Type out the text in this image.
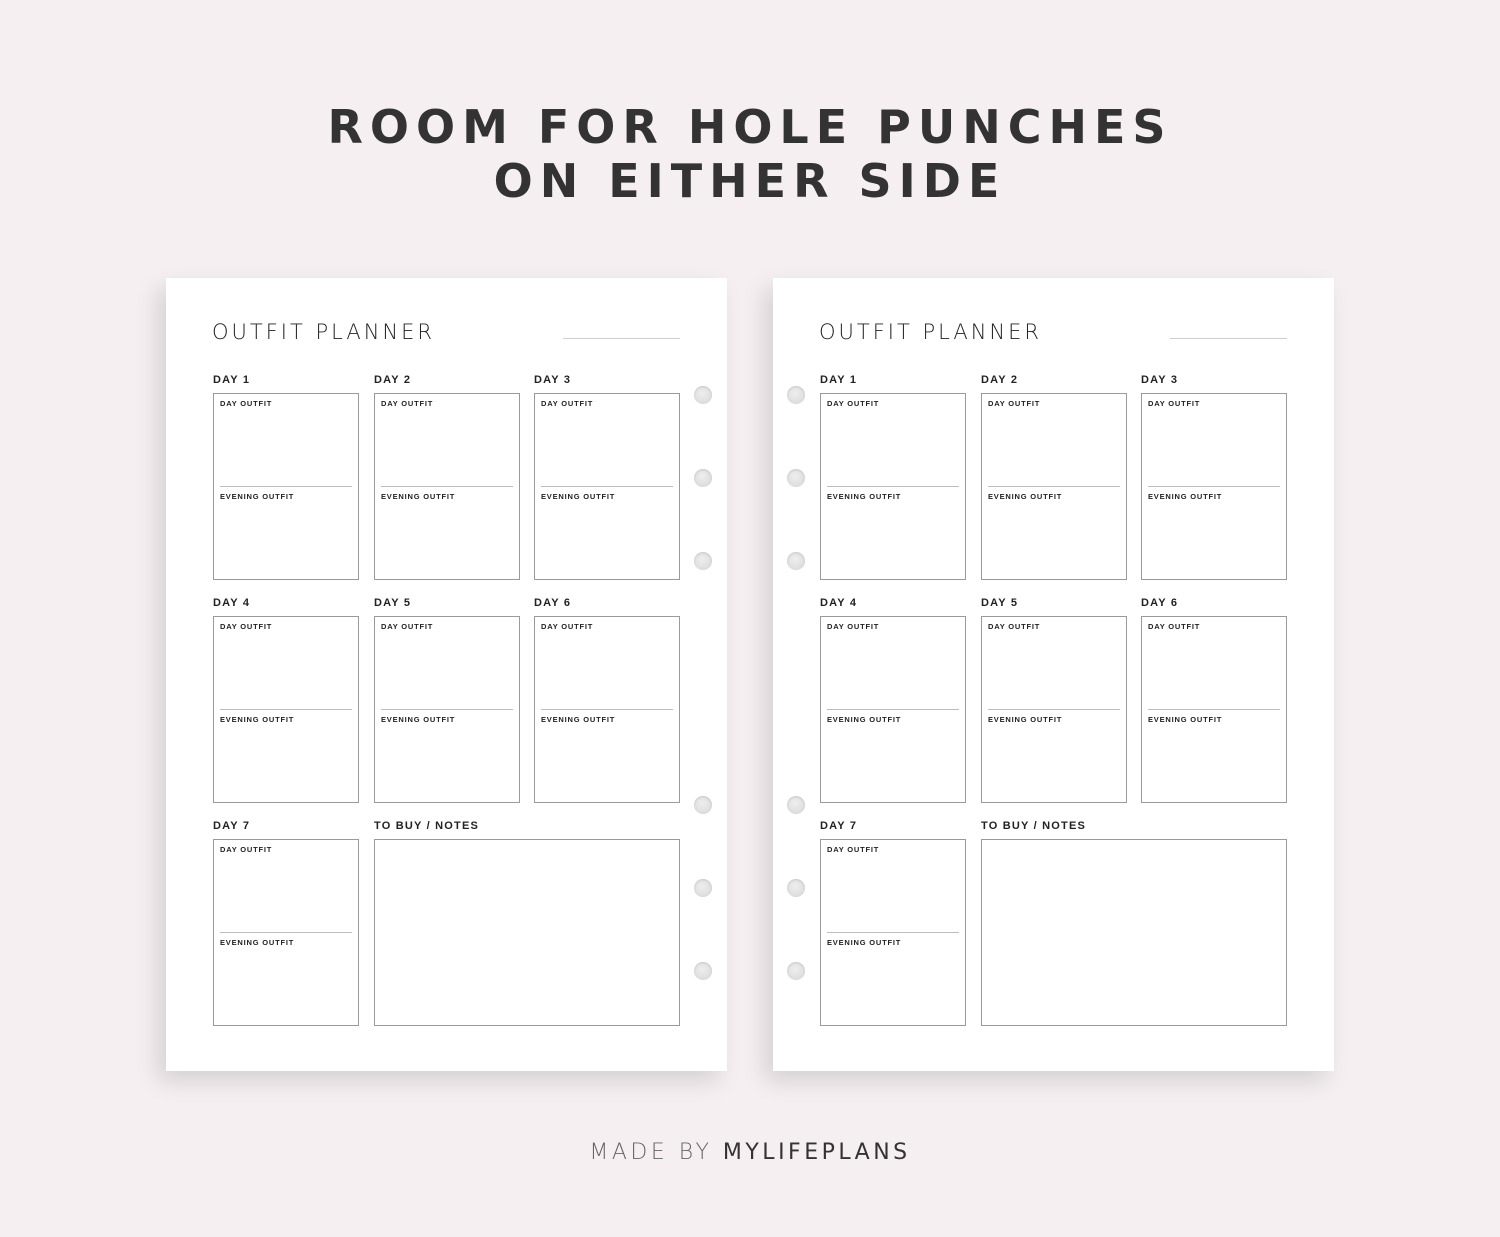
ROOM FOR HOLE PUNCHES
ON EITHER SIDE
OUTFIT PLANNER
DAY 1
DAY OUTFIT
EVENING OUTFIT
DAY 2
DAY OUTFIT
EVENING OUTFIT
DAY 3
DAY OUTFIT
EVENING OUTFIT
DAY 4
DAY OUTFIT
EVENING OUTFIT
DAY 5
DAY OUTFIT
EVENING OUTFIT
DAY 6
DAY OUTFIT
EVENING OUTFIT
DAY 7
DAY OUTFIT
EVENING OUTFIT
TO BUY / NOTES
OUTFIT PLANNER
DAY 1
DAY OUTFIT
EVENING OUTFIT
DAY 2
DAY OUTFIT
EVENING OUTFIT
DAY 3
DAY OUTFIT
EVENING OUTFIT
DAY 4
DAY OUTFIT
EVENING OUTFIT
DAY 5
DAY OUTFIT
EVENING OUTFIT
DAY 6
DAY OUTFIT
EVENING OUTFIT
DAY 7
DAY OUTFIT
EVENING OUTFIT
TO BUY / NOTES
MADE BY MYLIFEPLANS
